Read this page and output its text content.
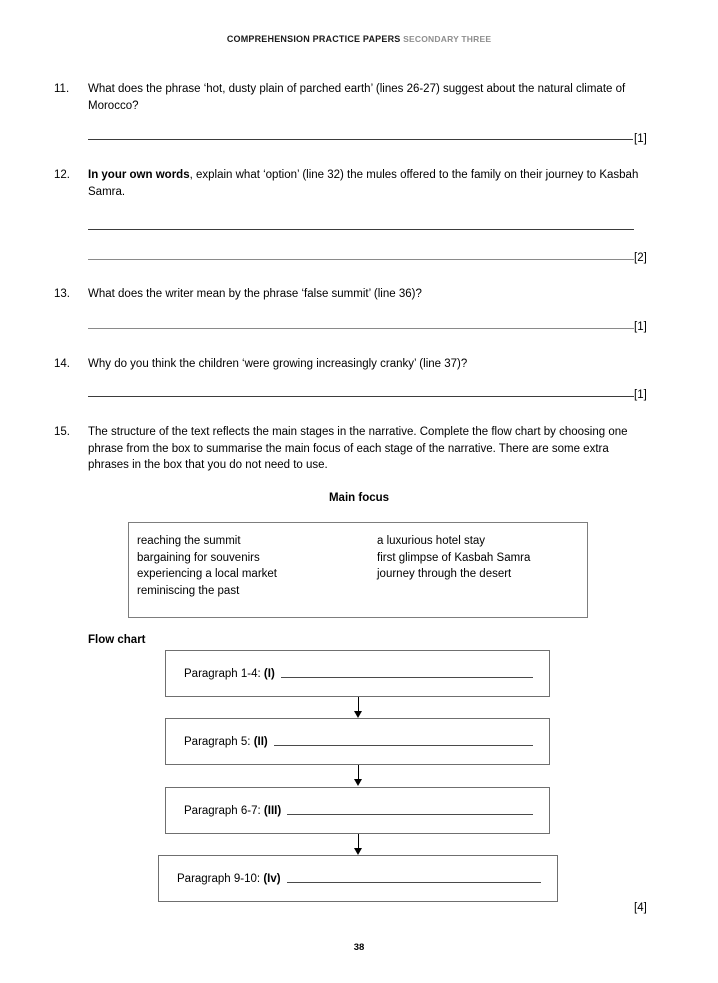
COMPREHENSION PRACTICE PAPERS SECONDARY THREE
11.	What does the phrase ‘hot, dusty plain of parched earth’ (lines 26-27) suggest about the natural climate of Morocco?
[1]
12.	In your own words, explain what ‘option’ (line 32) the mules offered to the family on their journey to Kasbah Samra.
[2]
13.	What does the writer mean by the phrase ‘false summit’ (line 36)?
[1]
14.	Why do you think the children ‘were growing increasingly cranky’ (line 37)?
[1]
15.	The structure of the text reflects the main stages in the narrative. Complete the flow chart by choosing one phrase from the box to summarise the main focus of each stage of the narrative. There are some extra phrases in the box that you do not need to use.
Main focus
reaching the summit
bargaining for souvenirs
experiencing a local market
reminiscing the past
a luxurious hotel stay
first glimpse of Kasbah Samra
journey through the desert
Flow chart
Paragraph 1-4: (I)
Paragraph 5: (II)
Paragraph 6-7: (III)
Paragraph 9-10: (Iv)
[4]
38
